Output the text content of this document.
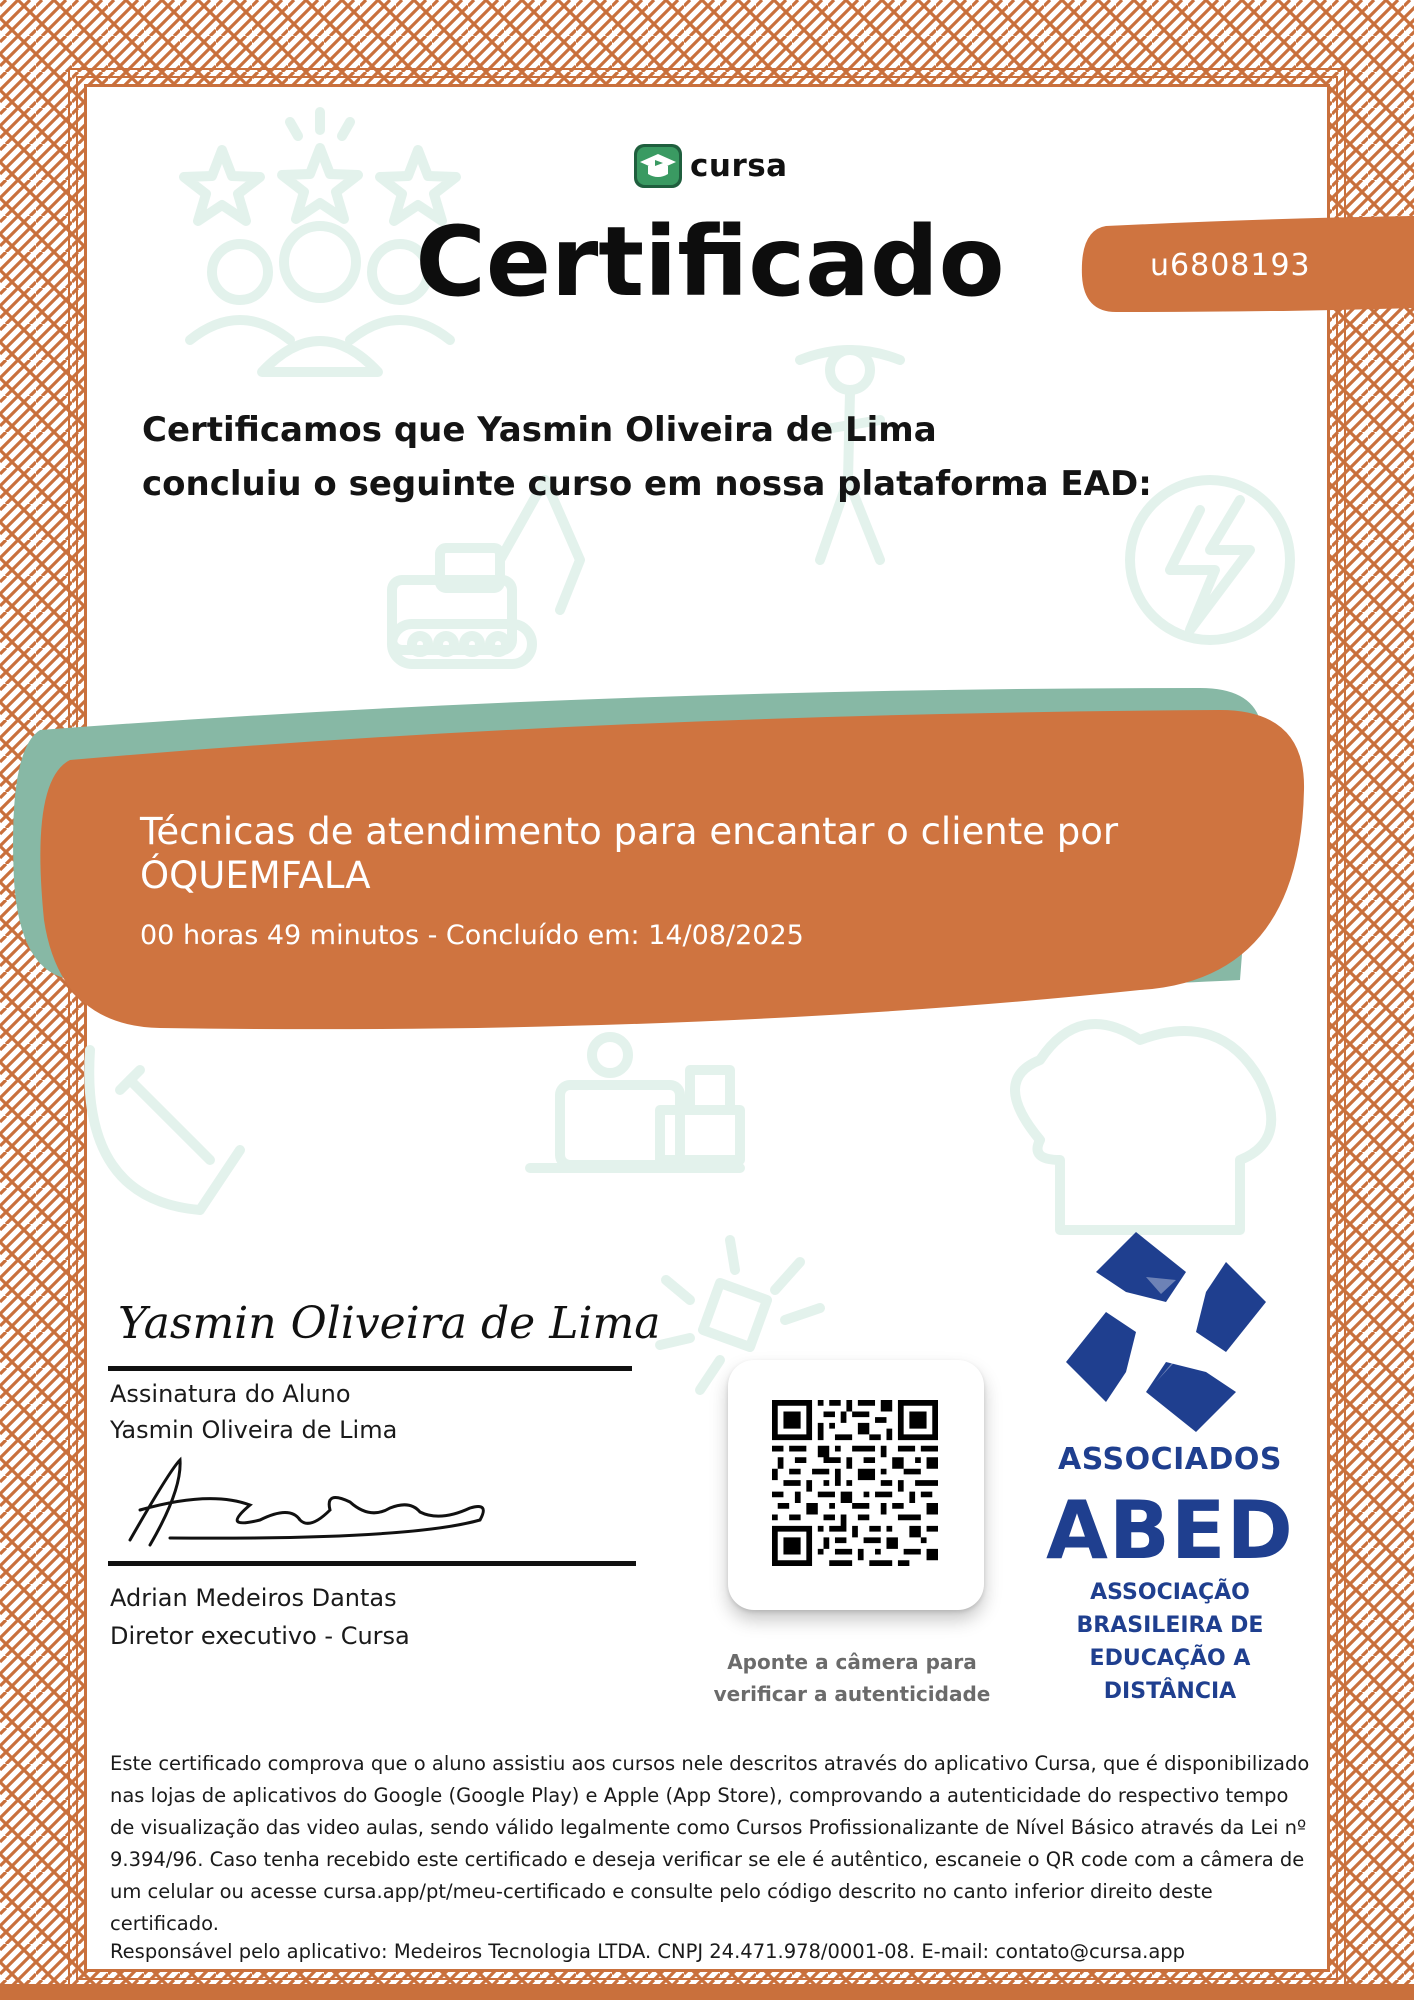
cursa
Certificado	u6808193
Certificamos que Yasmin Oliveira de Lima
concluiu o seguinte curso em nossa plataforma EAD:
Técnicas de atendimento para encantar o cliente por ÓQUEMFALA
00 horas 49 minutos - Concluído em: 14/08/2025
Yasmin Oliveira de Lima
Assinatura do Aluno
Yasmin Oliveira de Lima
Adrian Medeiros Dantas
Diretor executivo - Cursa
Aponte a câmera para
verificar a autenticidade
ASSOCIADOS
ABED
ASSOCIAÇÃO
BRASILEIRA DE
EDUCAÇÃO A
DISTÂNCIA
Este certificado comprova que o aluno assistiu aos cursos nele descritos através do aplicativo Cursa, que é disponibilizado nas lojas de aplicativos do Google (Google Play) e Apple (App Store), comprovando a autenticidade do respectivo tempo de visualização das video aulas, sendo válido legalmente como Cursos Profissionalizante de Nível Básico através da Lei nº 9.394/96. Caso tenha recebido este certificado e deseja verificar se ele é autêntico, escaneie o QR code com a câmera de um celular ou acesse cursa.app/pt/meu-certificado e consulte pelo código descrito no canto inferior direito deste certificado.
Responsável pelo aplicativo: Medeiros Tecnologia LTDA. CNPJ 24.471.978/0001-08. E-mail: contato@cursa.app
